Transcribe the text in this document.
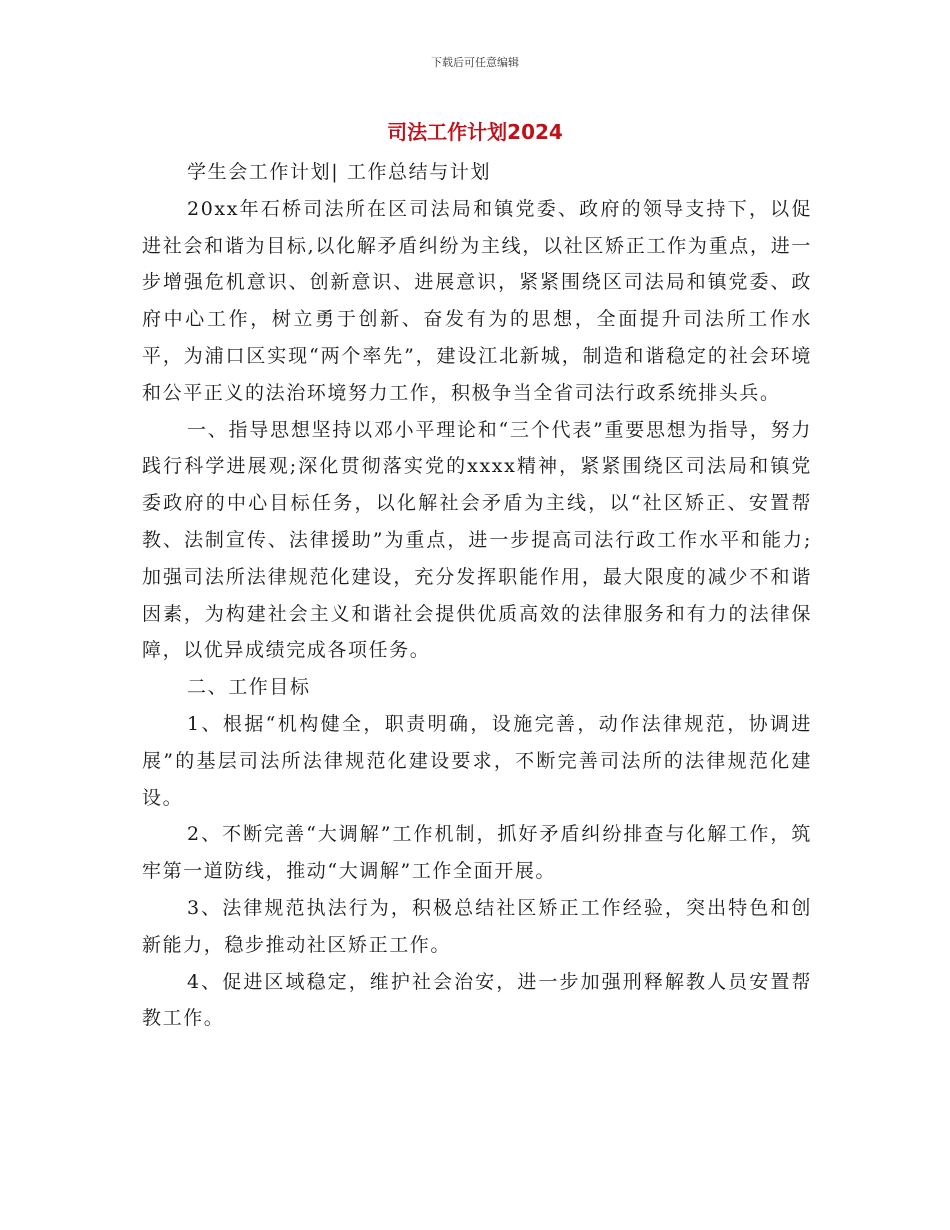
下载后可任意编辑
司法工作计划2024

学生会工作计划| 工作总结与计划

20xx年石桥司法所在区司法局和镇党委、政府的领导支持下，以促进社会和谐为目标,以化解矛盾纠纷为主线，以社区矫正工作为重点，进一步增强危机意识、创新意识、进展意识，紧紧围绕区司法局和镇党委、政府中心工作，树立勇于创新、奋发有为的思想，全面提升司法所工作水平，为浦口区实现“两个率先”，建设江北新城，制造和谐稳定的社会环境和公平正义的法治环境努力工作，积极争当全省司法行政系统排头兵。

一、指导思想坚持以邓小平理论和“三个代表”重要思想为指导，努力践行科学进展观;深化贯彻落实党的xxxx精神，紧紧围绕区司法局和镇党委政府的中心目标任务，以化解社会矛盾为主线，以“社区矫正、安置帮教、法制宣传、法律援助”为重点，进一步提高司法行政工作水平和能力;加强司法所法律规范化建设，充分发挥职能作用，最大限度的减少不和谐因素，为构建社会主义和谐社会提供优质高效的法律服务和有力的法律保障，以优异成绩完成各项任务。

二、工作目标

1、根据“机构健全，职责明确，设施完善，动作法律规范，协调进展”的基层司法所法律规范化建设要求，不断完善司法所的法律规范化建设。

2、不断完善“大调解”工作机制，抓好矛盾纠纷排查与化解工作，筑牢第一道防线，推动“大调解”工作全面开展。

3、法律规范执法行为，积极总结社区矫正工作经验，突出特色和创新能力，稳步推动社区矫正工作。

4、促进区域稳定，维护社会治安，进一步加强刑释解教人员安置帮教工作。
